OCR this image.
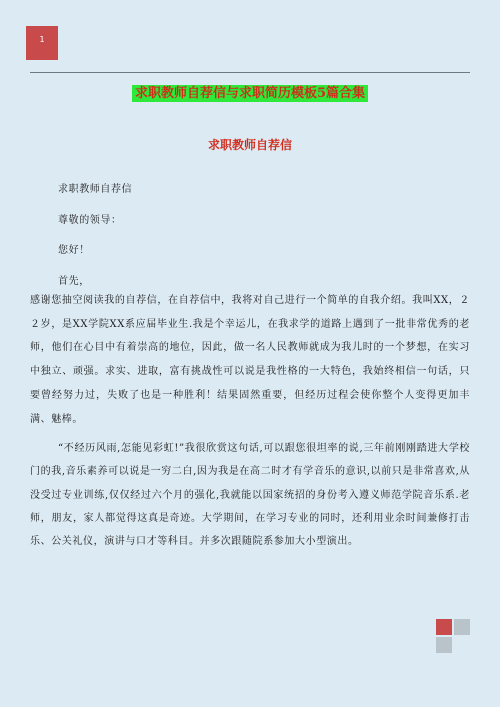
1
求职教师自荐信与求职简历模板5篇合集
求职教师自荐信

求职教师自荐信

尊敬的领导：

您好！

首先，

感谢您抽空阅读我的自荐信，在自荐信中，我将对自己进行一个简单的自我介绍。我叫XX，２２岁，是XX学院XX系应届毕业生.我是个幸运儿，在我求学的道路上遇到了一批非常优秀的老师，他们在心目中有着崇高的地位，因此，做一名人民教师就成为我儿时的一个梦想，在实习中独立、顽强。求实、进取，富有挑战性可以说是我性格的一大特色，我始终相信一句话，只要曾经努力过，失败了也是一种胜利！结果固然重要，但经历过程会使你整个人变得更加丰满、魅棒。

“不经历风雨,怎能见彩虹!”我很欣赏这句话,可以跟您很坦率的说,三年前刚刚踏进大学校门的我,音乐素养可以说是一穷二白,因为我是在高二时才有学音乐的意识,以前只是非常喜欢,从没受过专业训练,仅仅经过六个月的强化,我就能以国家统招的身份考入遵义师范学院音乐系.老师，朋友，家人都觉得这真是奇迹。大学期间，在学习专业的同时，还利用业余时间兼修打击乐、公关礼仪，演讲与口才等科目。并多次跟随院系参加大小型演出。
